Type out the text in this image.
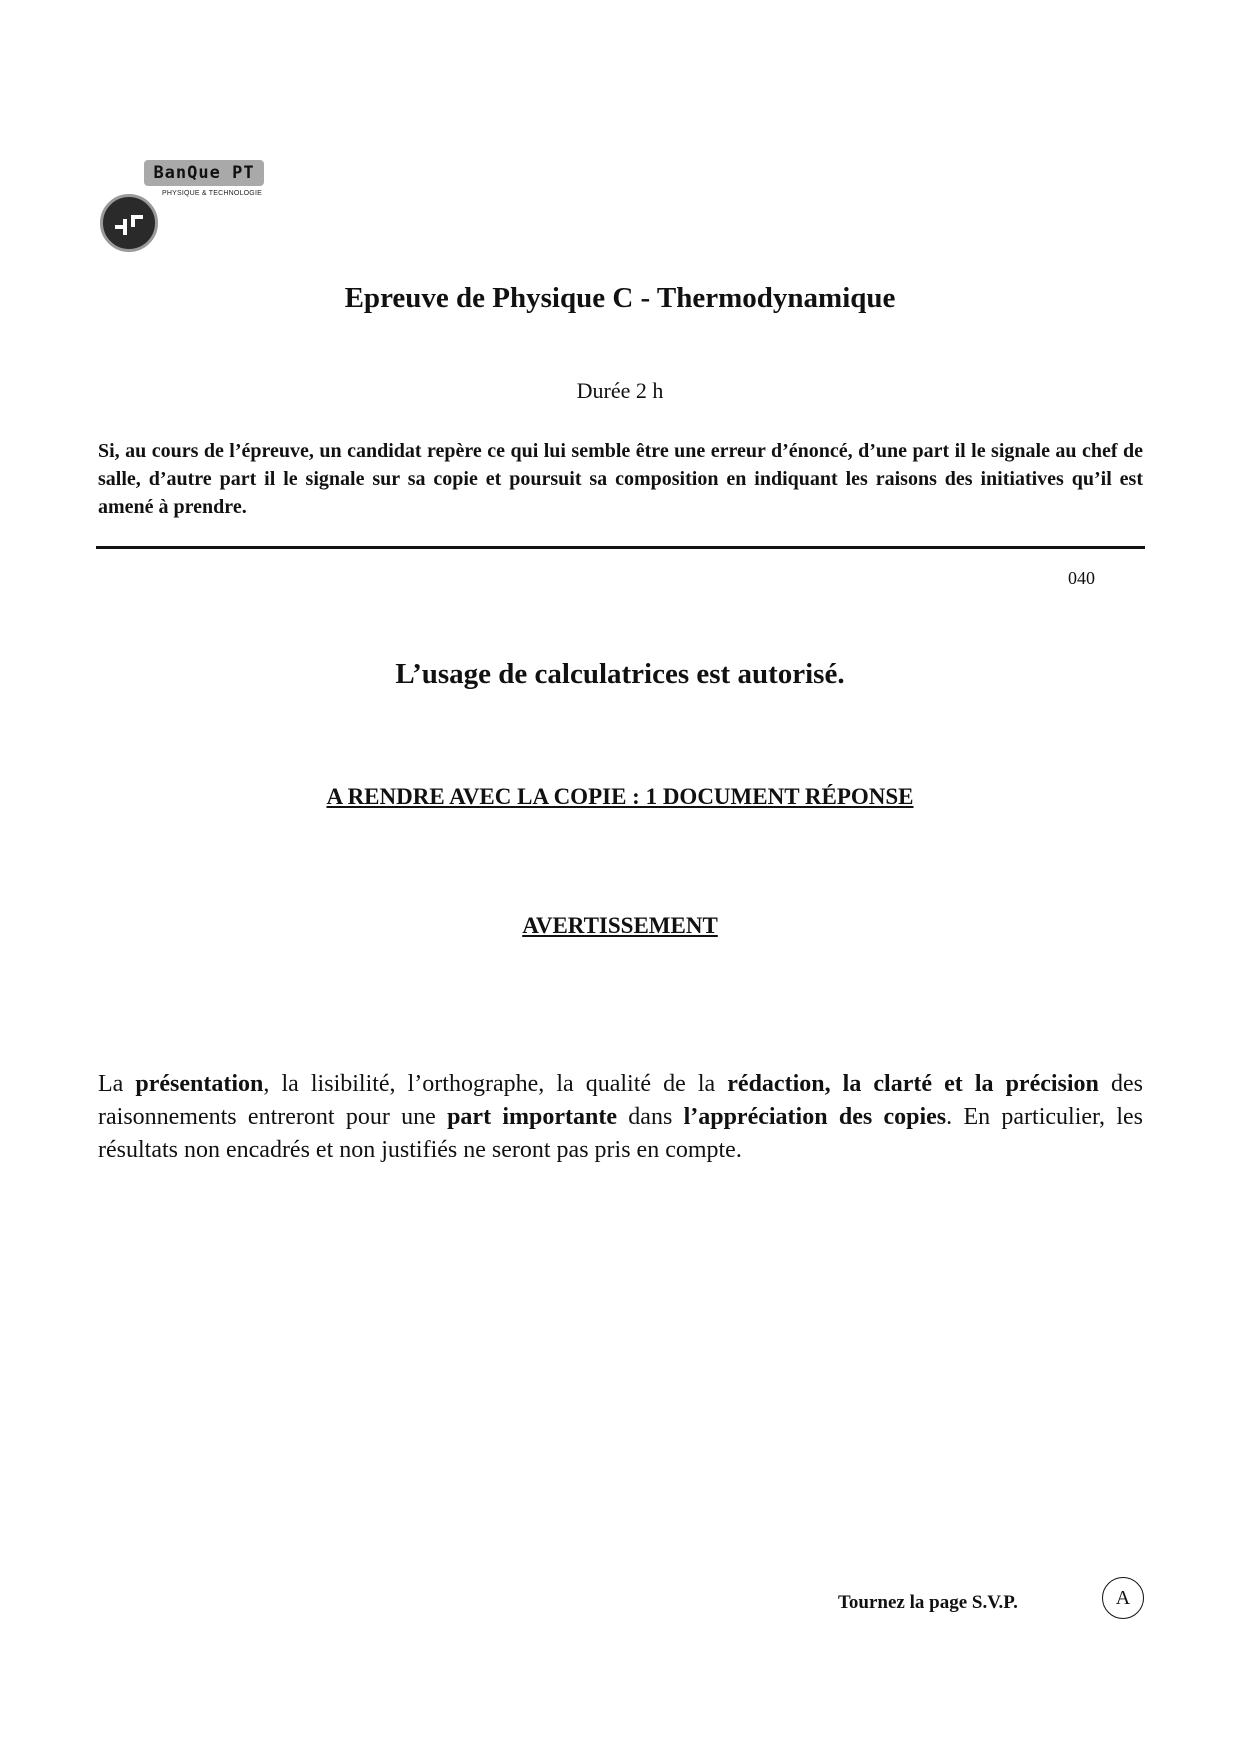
BanQue PT
PHYSIQUE & TECHNOLOGIE
Epreuve de Physique C - Thermodynamique
Durée 2 h
Si, au cours de l’épreuve, un candidat repère ce qui lui semble être une erreur d’énoncé, d’une part il le signale au chef de salle, d’autre part il le signale sur sa copie et poursuit sa composition en indiquant les raisons des initiatives qu’il est amené à prendre.
040
L’usage de calculatrices est autorisé.
A RENDRE AVEC LA COPIE : 1 DOCUMENT RÉPONSE
AVERTISSEMENT
La présentation, la lisibilité, l’orthographe, la qualité de la rédaction, la clarté et la précision des raisonnements entreront pour une part importante dans l’appréciation des copies. En particulier, les résultats non encadrés et non justifiés ne seront pas pris en compte.
Tournez la page S.V.P.	A
